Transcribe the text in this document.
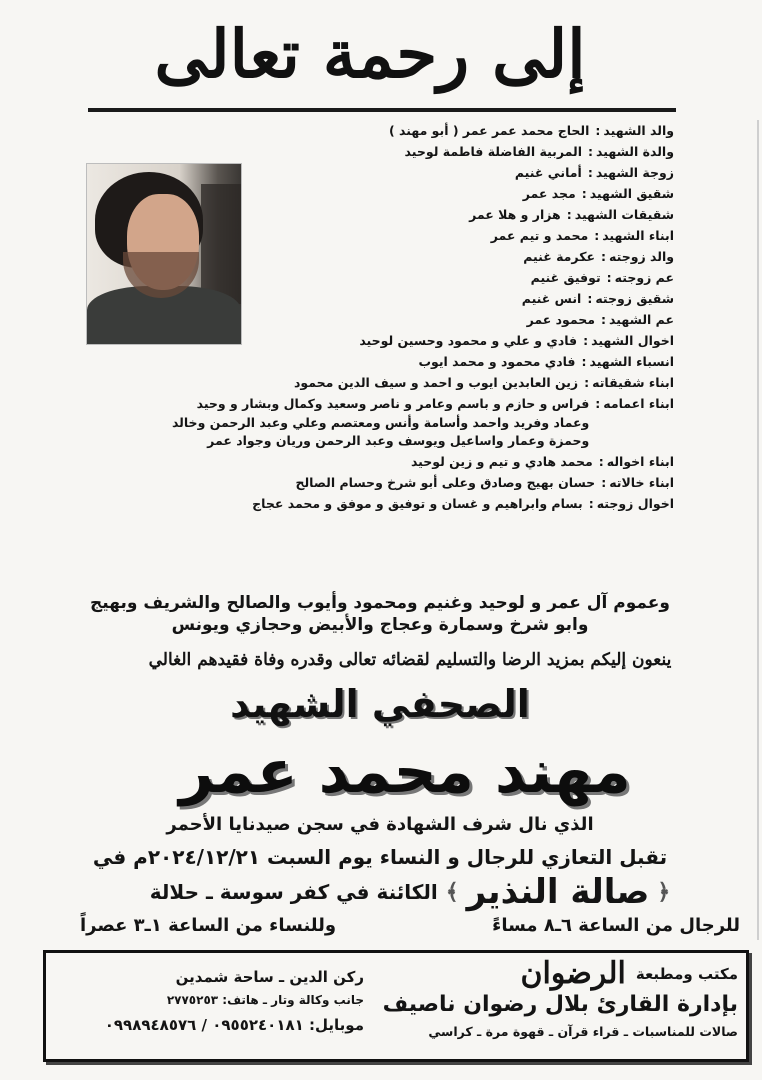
إلى رحمة تعالى
والد الشهيد
:
الحاج محمد عمر عمر ( أبو مهند )
والدة الشهيد
:
المربية الفاضلة فاطمة لوحيد
زوجة الشهيد
:
أماني غنيم
شقيق الشهيد
:
مجد عمر
شقيقات الشهيد
:
هزار و هلا عمر
ابناء الشهيد
:
محمد و تيم عمر
والد زوجته
:
عكرمة غنيم
عم زوجته
:
توفيق غنيم
شقيق زوجته
:
انس غنيم
عم الشهيد
:
محمود عمر
اخوال الشهيد
:
فادي و علي و محمود وحسين لوحيد
انسباء الشهيد
:
فادي محمود و محمد ايوب
ابناء شقيقاته
:
زين العابدين ايوب و احمد و سيف الدين محمود
ابناء اعمامه
:
فراس و حازم و باسم وعامر و ناصر وسعيد وكمال وبشار و وحيد
وعماد وفريد واحمد وأسامة وأنس ومعتصم وعلي وعبد الرحمن وخالد
وحمزة وعمار واساعيل ويوسف وعبد الرحمن وريان وجواد عمر
ابناء اخواله
:
محمد هادي و تيم و زين لوحيد
ابناء خالاته
:
حسان بهيج وصادق وعلى أبو شرخ وحسام الصالح
اخوال زوجته
:
بسام وابراهيم و غسان و توفيق و موفق و محمد عجاج
وعموم آل عمر و لوحيد وغنيم ومحمود وأيوب والصالح والشريف وبهيج
وابو شرخ وسمارة وعجاج والأبيض وحجازي ويونس
ينعون إليكم بمزيد الرضا والتسليم لقضائه تعالى وقدره وفاة فقيدهم الغالي
الصحفي الشهيد
مهند محمد عمر
الذي نال شرف الشهادة في سجن صيدنايا الأحمر
تقبل التعازي للرجال و النساء يوم السبت ٢٠٢٤/١٢/٢١م في
﴿
صالة النذير
﴾
الكائنة في كفر سوسة ـ حلالة
للرجال من الساعة ٦ـ٨ مساءً
وللنساء من الساعة ١ـ٣ عصراً
مكتب ومطبعة
الرضوان
بإدارة القارئ بلال رضوان ناصيف
صالات للمناسبات ـ قراء قرآن ـ قهوة مرة ـ كراسي
ركن الدين ـ ساحة شمدين
جانب وكالة وتار ـ هاتف: ٢٧٧٥٢٥٣
موبايل: ٠٩٥٥٢٤٠١٨١ / ٠٩٩٨٩٤٨٥٧٦
